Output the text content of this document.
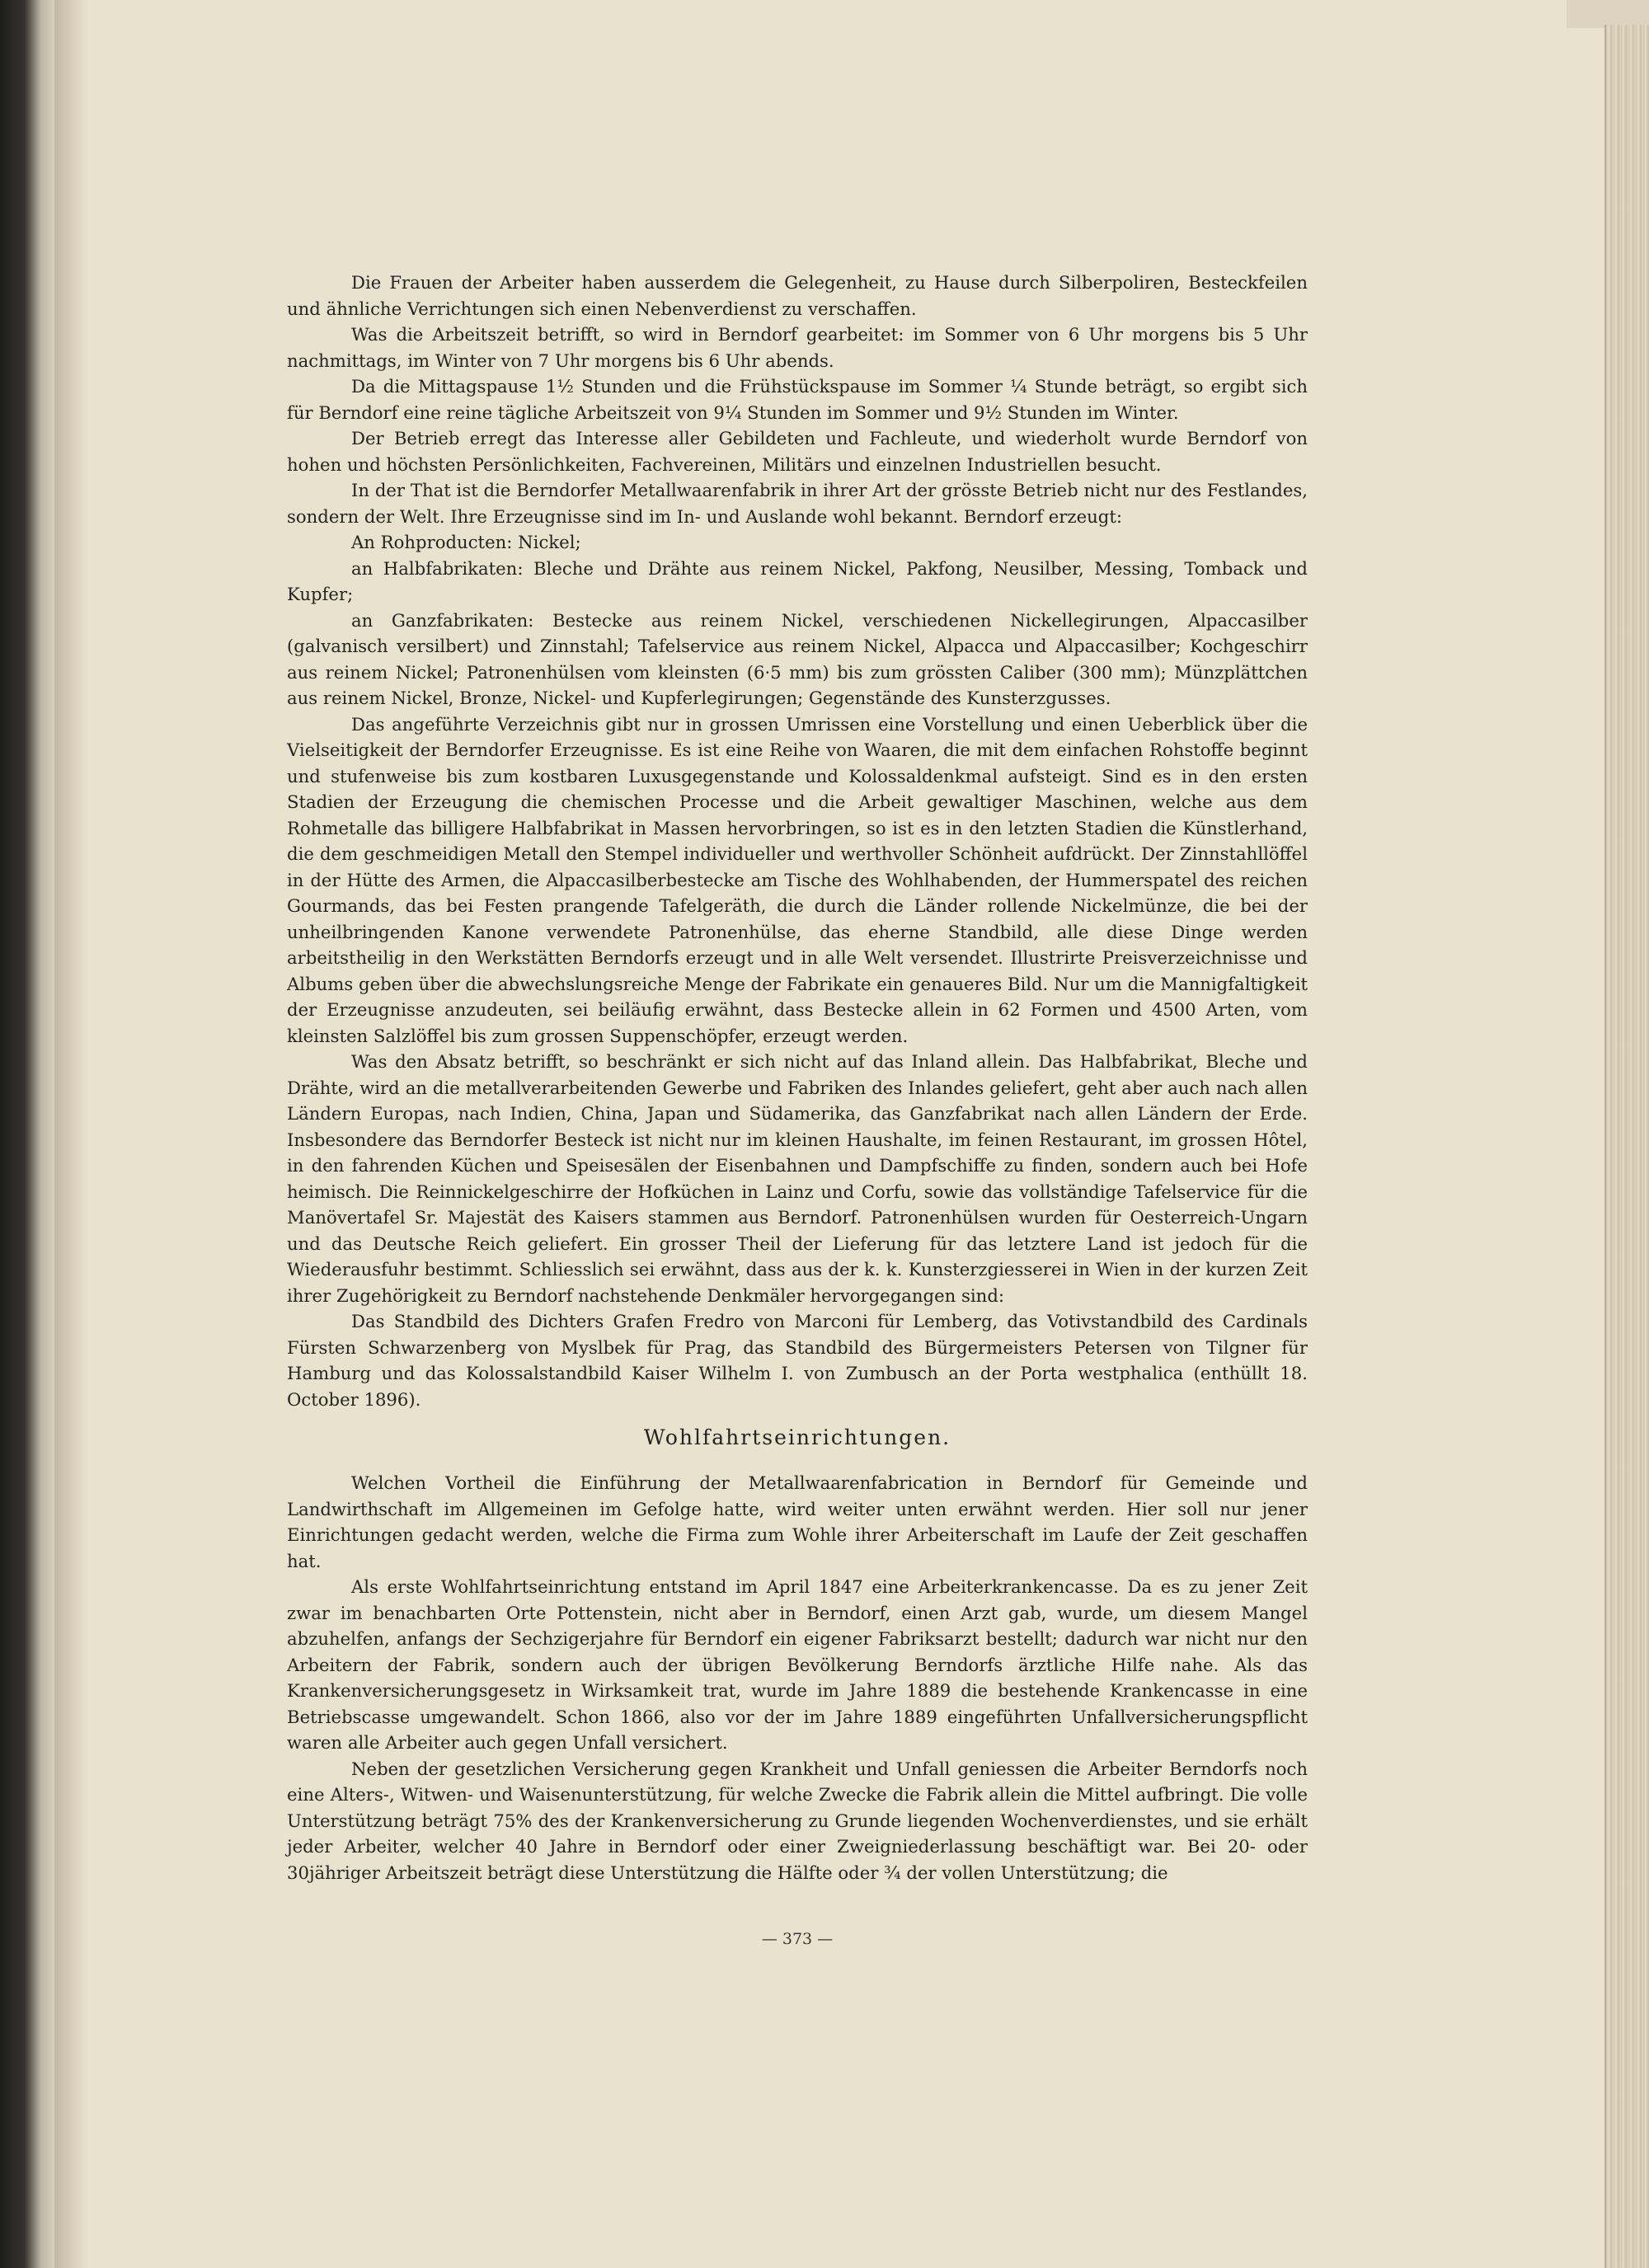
Die Frauen der Arbeiter haben ausserdem die Gelegenheit, zu Hause durch Silberpoliren, Besteckfeilen und ähnliche Verrichtungen sich einen Nebenverdienst zu verschaffen.

Was die Arbeitszeit betrifft, so wird in Berndorf gearbeitet: im Sommer von 6 Uhr morgens bis 5 Uhr nachmittags, im Winter von 7 Uhr morgens bis 6 Uhr abends.

Da die Mittagspause 1½ Stunden und die Frühstückspause im Sommer ¼ Stunde beträgt, so ergibt sich für Berndorf eine reine tägliche Arbeitszeit von 9¼ Stunden im Sommer und 9½ Stunden im Winter.

Der Betrieb erregt das Interesse aller Gebildeten und Fachleute, und wiederholt wurde Berndorf von hohen und höchsten Persönlichkeiten, Fachvereinen, Militärs und einzelnen Industriellen besucht.

In der That ist die Berndorfer Metallwaarenfabrik in ihrer Art der grösste Betrieb nicht nur des Festlandes, sondern der Welt. Ihre Erzeugnisse sind im In- und Auslande wohl bekannt. Berndorf erzeugt:

An Rohproducten: Nickel;

an Halbfabrikaten: Bleche und Drähte aus reinem Nickel, Pakfong, Neusilber, Messing, Tomback und Kupfer;

an Ganzfabrikaten: Bestecke aus reinem Nickel, verschiedenen Nickellegirungen, Alpaccasilber (galvanisch versilbert) und Zinnstahl; Tafelservice aus reinem Nickel, Alpacca und Alpaccasilber; Kochgeschirr aus reinem Nickel; Patronenhülsen vom kleinsten (6·5 mm) bis zum grössten Caliber (300 mm); Münzplättchen aus reinem Nickel, Bronze, Nickel- und Kupferlegirungen; Gegenstände des Kunsterzgusses.

Das angeführte Verzeichnis gibt nur in grossen Umrissen eine Vorstellung und einen Ueberblick über die Vielseitigkeit der Berndorfer Erzeugnisse. Es ist eine Reihe von Waaren, die mit dem einfachen Rohstoffe beginnt und stufenweise bis zum kostbaren Luxusgegenstande und Kolossaldenkmal aufsteigt. Sind es in den ersten Stadien der Erzeugung die chemischen Processe und die Arbeit gewaltiger Maschinen, welche aus dem Rohmetalle das billigere Halbfabrikat in Massen hervorbringen, so ist es in den letzten Stadien die Künstlerhand, die dem geschmeidigen Metall den Stempel individueller und werthvoller Schönheit aufdrückt. Der Zinnstahllöffel in der Hütte des Armen, die Alpaccasilberbestecke am Tische des Wohlhabenden, der Hummerspatel des reichen Gourmands, das bei Festen prangende Tafelgeräth, die durch die Länder rollende Nickelmünze, die bei der unheilbringenden Kanone verwendete Patronenhülse, das eherne Standbild, alle diese Dinge werden arbeitstheilig in den Werkstätten Berndorfs erzeugt und in alle Welt versendet. Illustrirte Preisverzeichnisse und Albums geben über die abwechslungsreiche Menge der Fabrikate ein genaueres Bild. Nur um die Mannigfaltigkeit der Erzeugnisse anzudeuten, sei beiläufig erwähnt, dass Bestecke allein in 62 Formen und 4500 Arten, vom kleinsten Salzlöffel bis zum grossen Suppenschöpfer, erzeugt werden.

Was den Absatz betrifft, so beschränkt er sich nicht auf das Inland allein. Das Halbfabrikat, Bleche und Drähte, wird an die metallverarbeitenden Gewerbe und Fabriken des Inlandes geliefert, geht aber auch nach allen Ländern Europas, nach Indien, China, Japan und Südamerika, das Ganzfabrikat nach allen Ländern der Erde. Insbesondere das Berndorfer Besteck ist nicht nur im kleinen Haushalte, im feinen Restaurant, im grossen Hôtel, in den fahrenden Küchen und Speisesälen der Eisenbahnen und Dampfschiffe zu finden, sondern auch bei Hofe heimisch. Die Reinnickelgeschirre der Hofküchen in Lainz und Corfu, sowie das vollständige Tafelservice für die Manövertafel Sr. Majestät des Kaisers stammen aus Berndorf. Patronenhülsen wurden für Oesterreich-Ungarn und das Deutsche Reich geliefert. Ein grosser Theil der Lieferung für das letztere Land ist jedoch für die Wiederausfuhr bestimmt. Schliesslich sei erwähnt, dass aus der k. k. Kunsterzgiesserei in Wien in der kurzen Zeit ihrer Zugehörigkeit zu Berndorf nachstehende Denkmäler hervorgegangen sind:

Das Standbild des Dichters Grafen Fredro von Marconi für Lemberg, das Votivstandbild des Cardinals Fürsten Schwarzenberg von Myslbek für Prag, das Standbild des Bürgermeisters Petersen von Tilgner für Hamburg und das Kolossalstandbild Kaiser Wilhelm I. von Zumbusch an der Porta westphalica (enthüllt 18. October 1896).

Wohlfahrtseinrichtungen.

Welchen Vortheil die Einführung der Metallwaarenfabrication in Berndorf für Gemeinde und Landwirthschaft im Allgemeinen im Gefolge hatte, wird weiter unten erwähnt werden. Hier soll nur jener Einrichtungen gedacht werden, welche die Firma zum Wohle ihrer Arbeiterschaft im Laufe der Zeit geschaffen hat.

Als erste Wohlfahrtseinrichtung entstand im April 1847 eine Arbeiterkrankencasse. Da es zu jener Zeit zwar im benachbarten Orte Pottenstein, nicht aber in Berndorf, einen Arzt gab, wurde, um diesem Mangel abzuhelfen, anfangs der Sechzigerjahre für Berndorf ein eigener Fabriksarzt bestellt; dadurch war nicht nur den Arbeitern der Fabrik, sondern auch der übrigen Bevölkerung Berndorfs ärztliche Hilfe nahe. Als das Krankenversicherungsgesetz in Wirksamkeit trat, wurde im Jahre 1889 die bestehende Krankencasse in eine Betriebscasse umgewandelt. Schon 1866, also vor der im Jahre 1889 eingeführten Unfallversicherungspflicht waren alle Arbeiter auch gegen Unfall versichert.

Neben der gesetzlichen Versicherung gegen Krankheit und Unfall geniessen die Arbeiter Berndorfs noch eine Alters-, Witwen- und Waisenunterstützung, für welche Zwecke die Fabrik allein die Mittel aufbringt. Die volle Unterstützung beträgt 75% des der Krankenversicherung zu Grunde liegenden Wochenverdienstes, und sie erhält jeder Arbeiter, welcher 40 Jahre in Berndorf oder einer Zweigniederlassung beschäftigt war. Bei 20- oder 30jähriger Arbeitszeit beträgt diese Unterstützung die Hälfte oder ¾ der vollen Unterstützung; die

— 373 —
